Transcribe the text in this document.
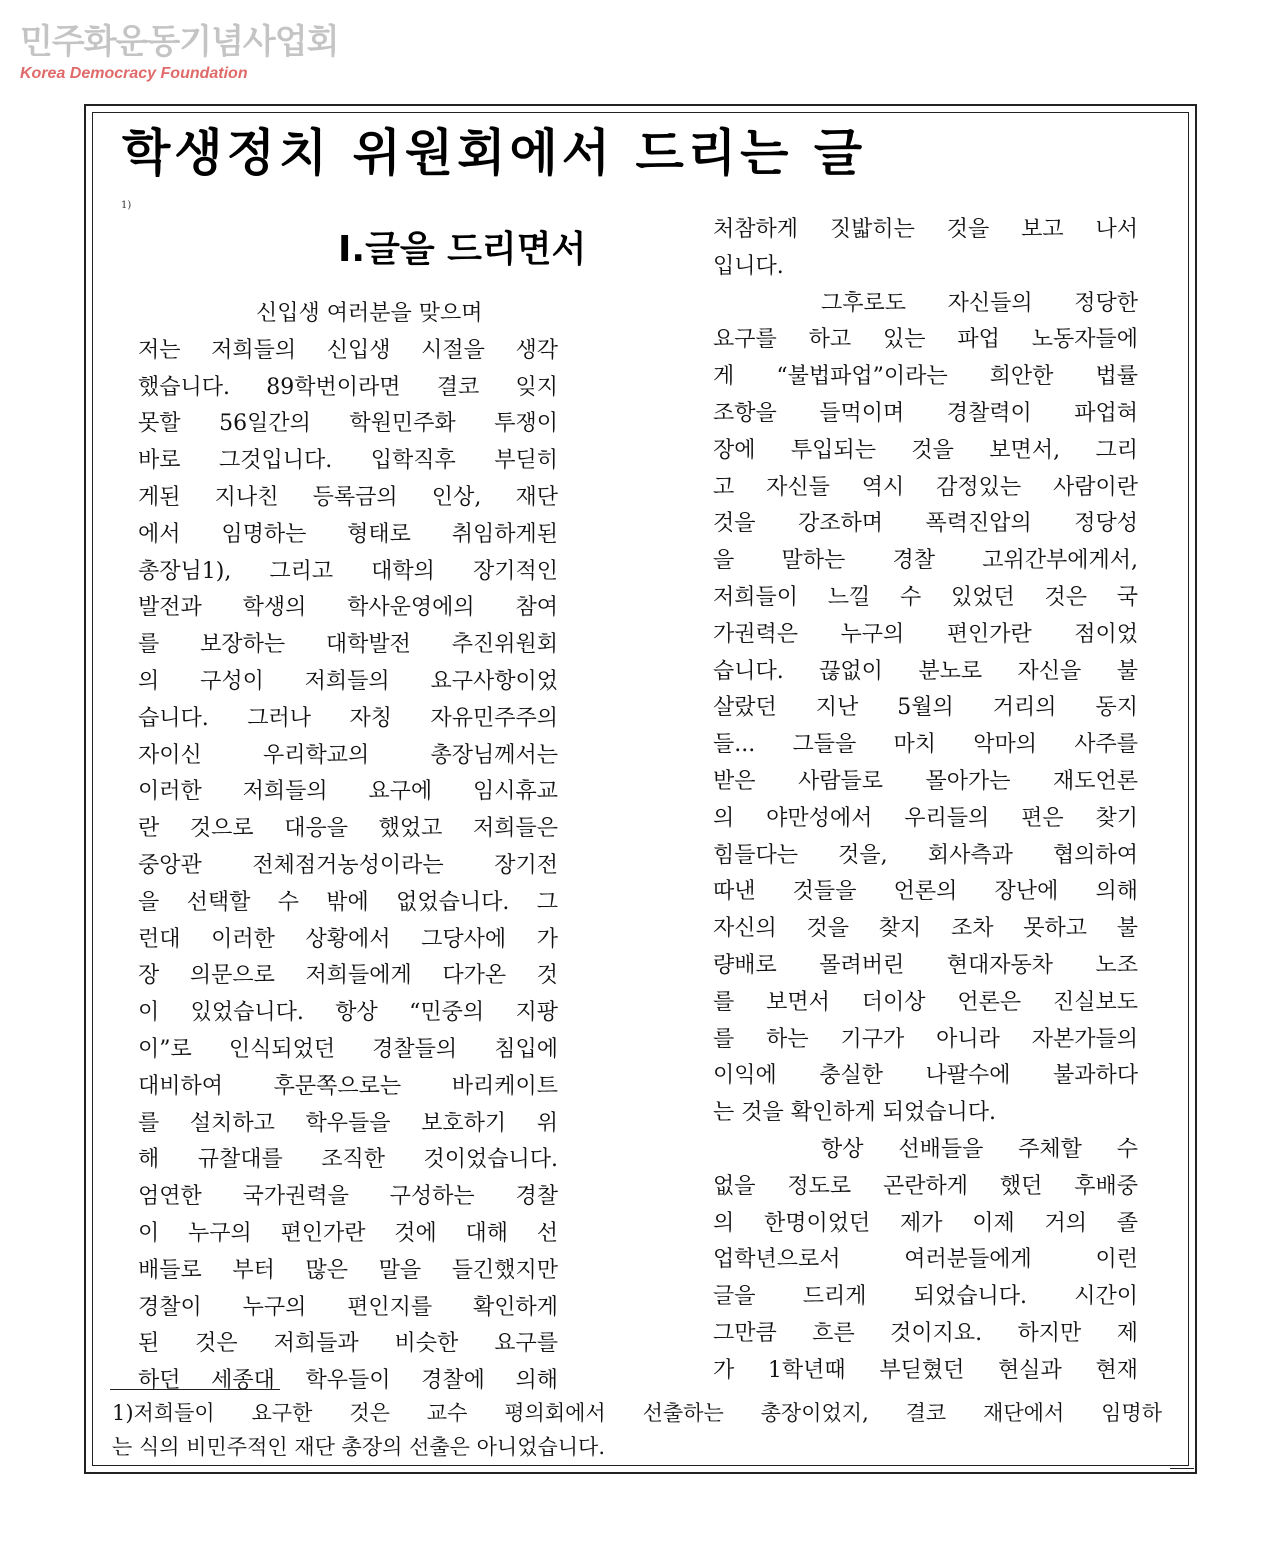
민주화운동기념사업회
Korea Democracy Foundation
학생정치 위원회에서 드리는 글
1)
I.글을 드리면서
신입생 여러분을 맞으며
저는 저희들의 신입생 시절을 생각
했습니다. 89학번이라면 결코 잊지
못할 56일간의 학원민주화 투쟁이
바로 그것입니다. 입학직후 부딛히
게된 지나친 등록금의 인상, 재단
에서 임명하는 형태로 취임하게된
총장님1), 그리고 대학의 장기적인
발전과 학생의 학사운영에의 참여
를 보장하는 대학발전 추진위원회
의 구성이 저희들의 요구사항이었
습니다. 그러나 자칭 자유민주주의
자이신 우리학교의 총장님께서는
이러한 저희들의 요구에 임시휴교
란 것으로 대응을 했었고 저희들은
중앙관 전체점거농성이라는 장기전
을 선택할 수 밖에 없었습니다. 그
런대 이러한 상황에서 그당사에 가
장 의문으로 저희들에게 다가온 것
이 있었습니다. 항상 “민중의 지팡
이”로 인식되었던 경찰들의 침입에
대비하여 후문쪽으로는 바리케이트
를 설치하고 학우들을 보호하기 위
해 규찰대를 조직한 것이었습니다.
엄연한 국가권력을 구성하는 경찰
이 누구의 편인가란 것에 대해 선
배들로 부터 많은 말을 들긴했지만
경찰이 누구의 편인지를 확인하게
된 것은 저희들과 비슷한 요구를
하던 세종대 학우들이 경찰에 의해
처참하게 짓밟히는 것을 보고 나서
입니다.
그후로도 자신들의 정당한
요구를 하고 있는 파업 노동자들에
게 “불법파업”이라는 희안한 법률
조항을 들먹이며 경찰력이 파업혀
장에 투입되는 것을 보면서, 그리
고 자신들 역시 감정있는 사람이란
것을 강조하며 폭력진압의 정당성
을 말하는 경찰 고위간부에게서,
저희들이 느낄 수 있었던 것은 국
가권력은 누구의 편인가란 점이었
습니다. 끊없이 분노로 자신을 불
살랐던 지난 5월의 거리의 동지
들... 그들을 마치 악마의 사주를
받은 사람들로 몰아가는 재도언론
의 야만성에서 우리들의 편은 찾기
힘들다는 것을, 회사측과 협의하여
따낸 것들을 언론의 장난에 의해
자신의 것을 찾지 조차 못하고 불
량배로 몰려버린 현대자동차 노조
를 보면서 더이상 언론은 진실보도
를 하는 기구가 아니라 자본가들의
이익에 충실한 나팔수에 불과하다
는 것을 확인하게 되었습니다.
항상 선배들을 주체할 수
없을 정도로 곤란하게 했던 후배중
의 한명이었던 제가 이제 거의 졸
업학년으로서 여러분들에게 이런
글을 드리게 되었습니다. 시간이
그만큼 흐른 것이지요. 하지만 제
가 1학년때 부딛혔던 현실과 현재
1)저희들이 요구한 것은 교수 평의회에서 선출하는 총장이었지, 결코 재단에서 임명하
는 식의 비민주적인 재단 총장의 선출은 아니었습니다.
